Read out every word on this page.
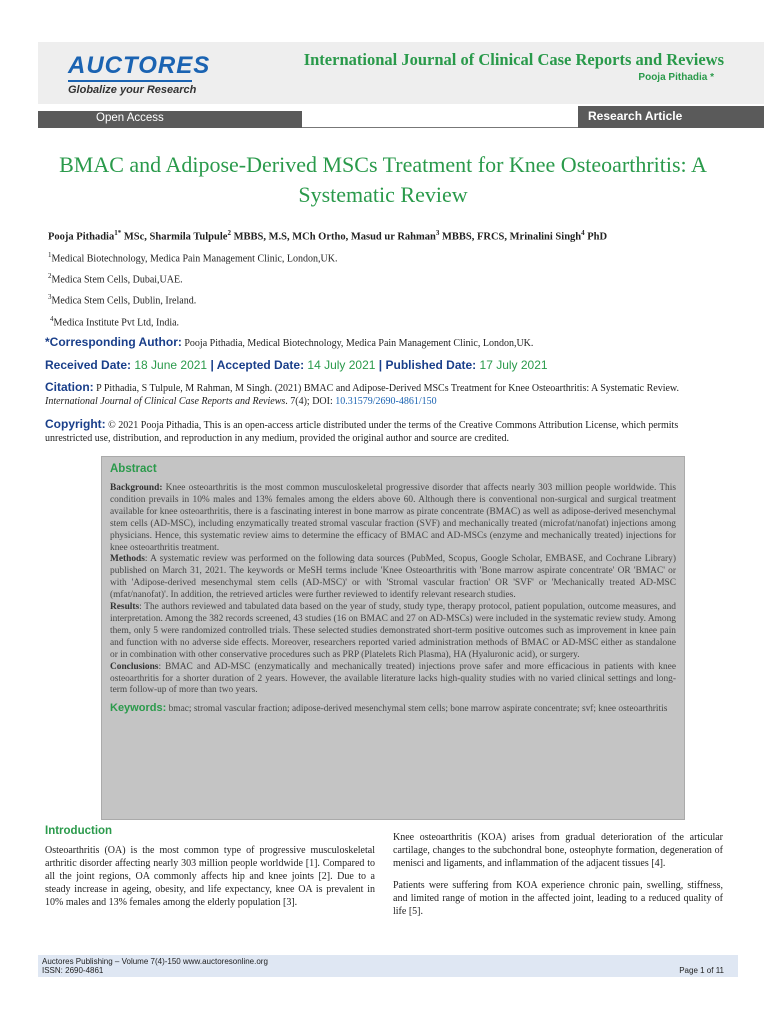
AUCTORES
Globalize your Research
International Journal of Clinical Case Reports and Reviews
Pooja Pithadia *
Open Access	Research Article
BMAC and Adipose-Derived MSCs Treatment for Knee Osteoarthritis: A Systematic Review
Pooja Pithadia$^{1*}$ MSc, Sharmila Tulpule$^2$ MBBS, M.S, MCh Ortho, Masud ur Rahman$^3$ MBBS, FRCS, Mrinalini Singh$^4$ PhD
$^1$Medical Biotechnology, Medica Pain Management Clinic, London,UK.
$^2$Medica Stem Cells, Dubai,UAE.
$^3$Medica Stem Cells, Dublin, Ireland.
$^4$Medica Institute Pvt Ltd, India.
*Corresponding Author: Pooja Pithadia, Medical Biotechnology, Medica Pain Management Clinic, London,UK.
Received Date: 18 June 2021 | Accepted Date: 14 July 2021 | Published Date: 17 July 2021
Citation: P Pithadia, S Tulpule, M Rahman, M Singh. (2021) BMAC and Adipose-Derived MSCs Treatment for Knee Osteoarthritis: A Systematic Review. International Journal of Clinical Case Reports and Reviews. 7(4); DOI: 10.31579/2690-4861/150
Copyright: © 2021 Pooja Pithadia, This is an open-access article distributed under the terms of the Creative Commons Attribution License, which permits unrestricted use, distribution, and reproduction in any medium, provided the original author and source are credited.
Abstract

Background: Knee osteoarthritis is the most common musculoskeletal progressive disorder that affects nearly 303 million people worldwide. This condition prevails in 10% males and 13% females among the elders above 60. Although there is conventional non-surgical and surgical treatment available for knee osteoarthritis, there is a fascinating interest in bone marrow as pirate concentrate (BMAC) as well as adipose-derived mesenchymal stem cells (AD-MSC), including enzymatically treated stromal vascular fraction (SVF) and mechanically treated (microfat/nanofat) injections among physicians. Hence, this systematic review aims to determine the efficacy of BMAC and AD-MSCs (enzyme and mechanically treated) injections for knee osteoarthritis treatment.
Methods: A systematic review was performed on the following data sources (PubMed, Scopus, Google Scholar, EMBASE, and Cochrane Library) published on March 31, 2021. The keywords or MeSH terms include 'Knee Osteoarthritis with 'Bone marrow aspirate concentrate' OR 'BMAC' or with 'Adipose-derived mesenchymal stem cells (AD-MSC)' or with 'Stromal vascular fraction' OR 'SVF' or 'Mechanically treated AD-MSC (mfat/nanofat)'. In addition, the retrieved articles were further reviewed to identify relevant research studies.
Results: The authors reviewed and tabulated data based on the year of study, study type, therapy protocol, patient population, outcome measures, and interpretation. Among the 382 records screened, 43 studies (16 on BMAC and 27 on AD-MSCs) were included in the systematic review study. Among them, only 5 were randomized controlled trials. These selected studies demonstrated short-term positive outcomes such as improvement in knee pain and function with no adverse side effects. Moreover, researchers reported varied administration methods of BMAC or AD-MSC either as standalone or in combination with other conservative procedures such as PRP (Platelets Rich Plasma), HA (Hyaluronic acid), or surgery.
Conclusions: BMAC and AD-MSC (enzymatically and mechanically treated) injections prove safer and more efficacious in patients with knee osteoarthritis for a shorter duration of 2 years. However, the available literature lacks high-quality studies with no varied clinical settings and long-term follow-up of more than two years.

Keywords: bmac; stromal vascular fraction; adipose-derived mesenchymal stem cells; bone marrow aspirate concentrate; svf; knee osteoarthritis
Introduction

Osteoarthritis (OA) is the most common type of progressive musculoskeletal arthritic disorder affecting nearly 303 million people worldwide [1]. Compared to all the joint regions, OA commonly affects hip and knee joints [2]. Due to a steady increase in ageing, obesity, and life expectancy, knee OA is prevalent in 10% males and 13% females among the elderly population [3].

Knee osteoarthritis (KOA) arises from gradual deterioration of the articular cartilage, changes to the subchondral bone, osteophyte formation, degeneration of menisci and ligaments, and inflammation of the adjacent tissues [4].

Patients were suffering from KOA experience chronic pain, swelling, stiffness, and limited range of motion in the affected joint, leading to a reduced quality of life [5].

Auctores Publishing – Volume 7(4)-150 www.auctoresonline.org
ISSN: 2690-4861	Page 1 of 11
